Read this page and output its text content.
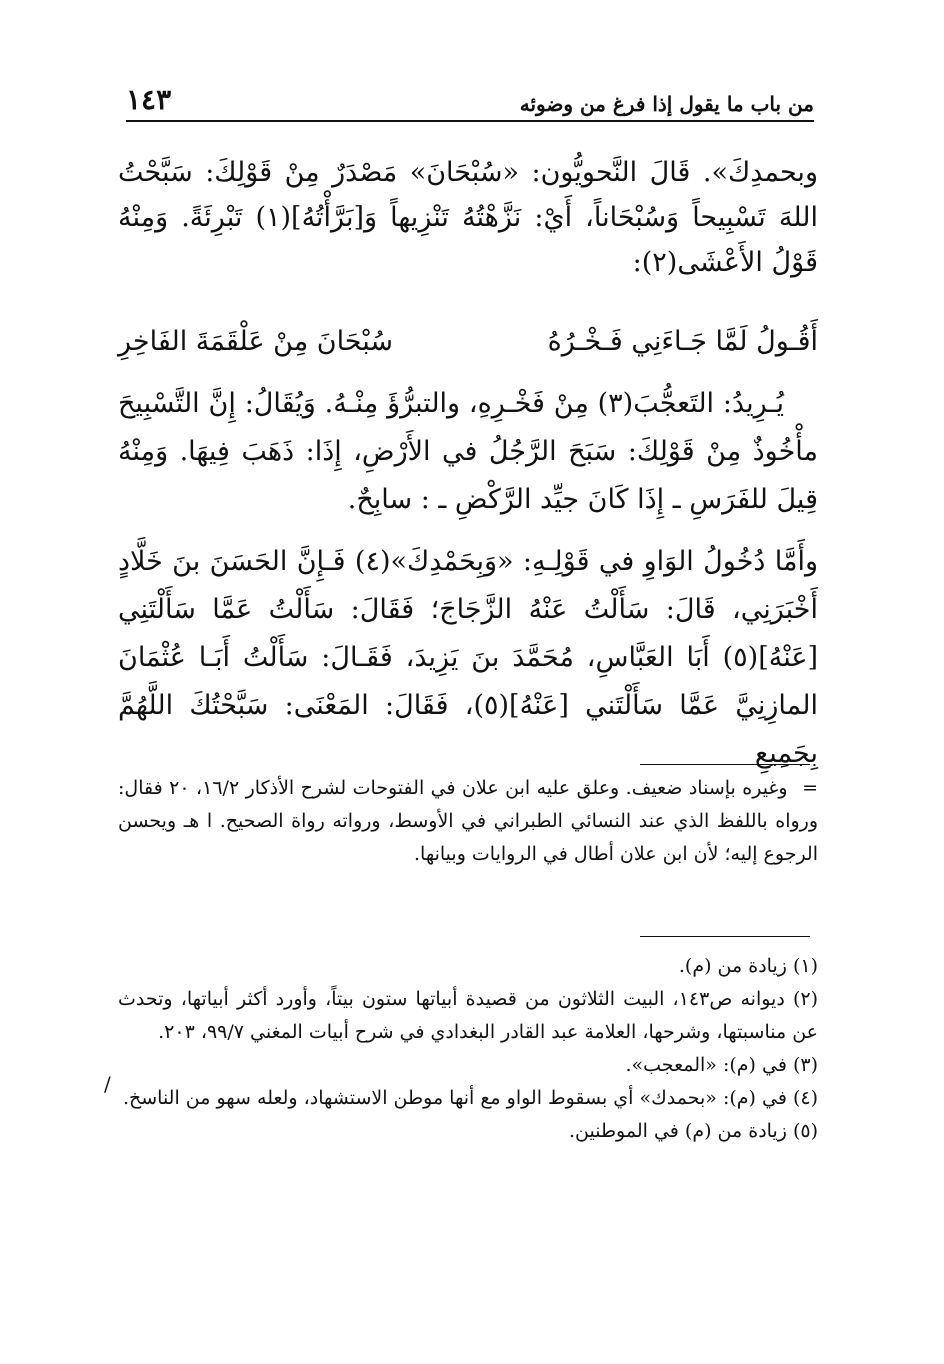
١٤٣	من باب ما يقول إذا فرغ من وضوئه

وبحمدِكَ». قَالَ النَّحويُّون: «سُبْحَانَ» مَصْدَرٌ مِنْ قَوْلِكَ: سَبَّحْتُ اللهَ تَسْبِيحاً وَسُبْحَاناً، أَيْ: نَزَّهْتُهُ تَنْزِيهاً وَ[بَرَّأْتُهُ](١) تَبْرِئَةً. وَمِنْهُ قَوْلُ الأَعْشَى(٢):

أَقُـولُ لَمَّا جَـاءَنِي فَـخْـرُهُ
سُبْحَانَ مِنْ عَلْقَمَةَ الفَاخِرِ
يُـرِيدُ: التَعجُّبَ(٣) مِنْ فَخْـرِهِ، والتبرُّؤَ مِنْـهُ. وَيُقَالُ: إِنَّ التَّسْبِيحَ مأْخُوذٌ مِنْ قَوْلِكَ: سَبَحَ الرَّجُلُ في الأَرْضِ، إِذَا: ذَهَبَ فِيهَا. وَمِنْهُ قِيلَ للفَرَسِ ـ إِذَا كَانَ جيِّد الرَّكْضِ ـ : سابِحٌ.
وأَمَّا دُخُولُ الوَاوِ في قَوْلِـهِ: «وَبِحَمْدِكَ»(٤) فَـإِنَّ الحَسَنَ بنَ خَلَّادٍ أَخْبَرَنِي، قَالَ: سَأَلْتُ عَنْهُ الزَّجَاجَ؛ فَقَالَ: سَأَلْتُ عَمَّا سَأَلْتَنِي [عَنْهُ](٥) أَبَا العَبَّاسِ، مُحَمَّدَ بنَ يَزِيدَ، فَقَـالَ: سَأَلْتُ أَبَـا عُثْمَانَ المازِنِيَّ عَمَّا سَأَلْتَني [عَنْهُ](٥)، فَقَالَ: المَعْنَى: سَبَّحْتُكَ اللَّهُمَّ بِجَمِيعِ

= وغيره بإسناد ضعيف. وعلق عليه ابن علان في الفتوحات لشرح الأذكار ١٦/٢، ٢٠ فقال: ورواه باللفظ الذي عند النسائي الطبراني في الأوسط، ورواته رواة الصحيح. ا هـ ويحسن الرجوع إليه؛ لأن ابن علان أطال في الروايات وبيانها.

(١) زيادة من (م).

(٢) ديوانه ص١٤٣، البيت الثلاثون من قصيدة أبياتها ستون بيتاً، وأورد أكثر أبياتها، وتحدث عن مناسبتها، وشرحها، العلامة عبد القادر البغدادي في شرح أبيات المغني ٩٩/٧، ٢٠٣.

(٣) في (م): «المعجب».

(٤) في (م): «بحمدك» أي بسقوط الواو مع أنها موطن الاستشهاد، ولعله سهو من الناسخ.

(٥) زيادة من (م) في الموطنين.

/
